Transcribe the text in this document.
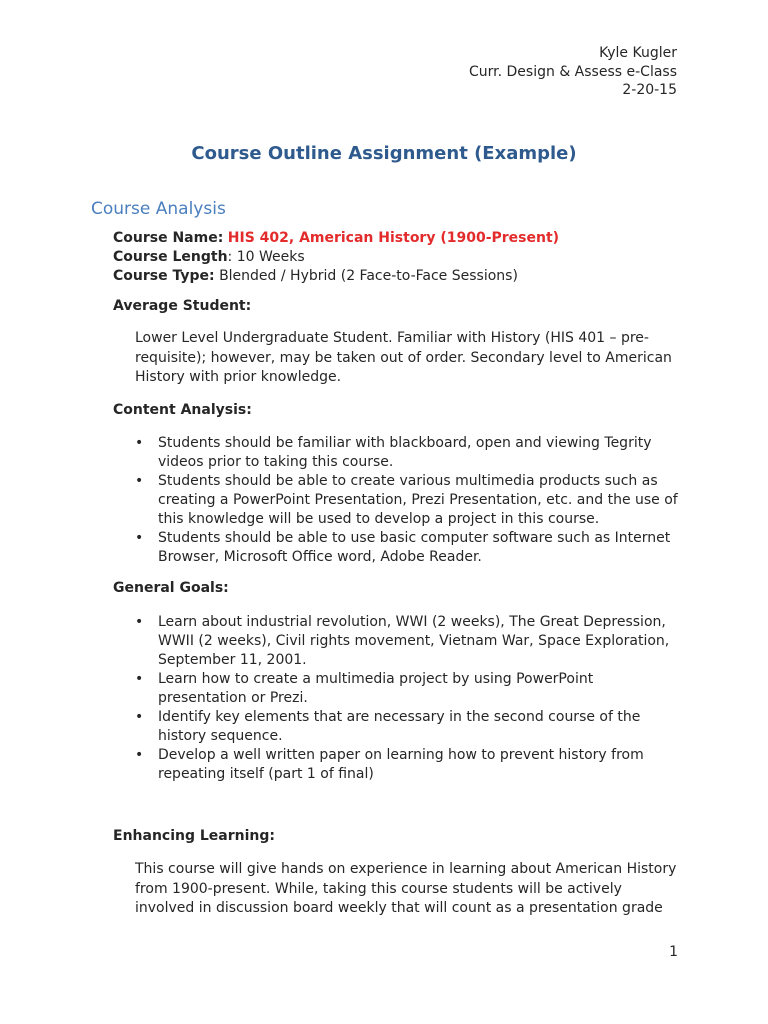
Kyle Kugler
Curr. Design & Assess e-Class
2-20-15
Course Outline Assignment (Example)
Course Analysis
Course Name: HIS 402, American History (1900-Present)
Course Length: 10 Weeks
Course Type: Blended / Hybrid (2 Face-to-Face Sessions)
Average Student:
Lower Level Undergraduate Student. Familiar with History (HIS 401 – pre-requisite); however, may be taken out of order. Secondary level to American History with prior knowledge.
Content Analysis:
• Students should be familiar with blackboard, open and viewing Tegrity videos prior to taking this course.
• Students should be able to create various multimedia products such as creating a PowerPoint Presentation, Prezi Presentation, etc. and the use of this knowledge will be used to develop a project in this course.
• Students should be able to use basic computer software such as Internet Browser, Microsoft Office word, Adobe Reader.
General Goals:
• Learn about industrial revolution, WWI (2 weeks), The Great Depression, WWII (2 weeks), Civil rights movement, Vietnam War, Space Exploration, September 11, 2001.
• Learn how to create a multimedia project by using PowerPoint presentation or Prezi.
• Identify key elements that are necessary in the second course of the history sequence.
• Develop a well written paper on learning how to prevent history from repeating itself (part 1 of final)
Enhancing Learning:
This course will give hands on experience in learning about American History from 1900-present. While, taking this course students will be actively involved in discussion board weekly that will count as a presentation grade
1
